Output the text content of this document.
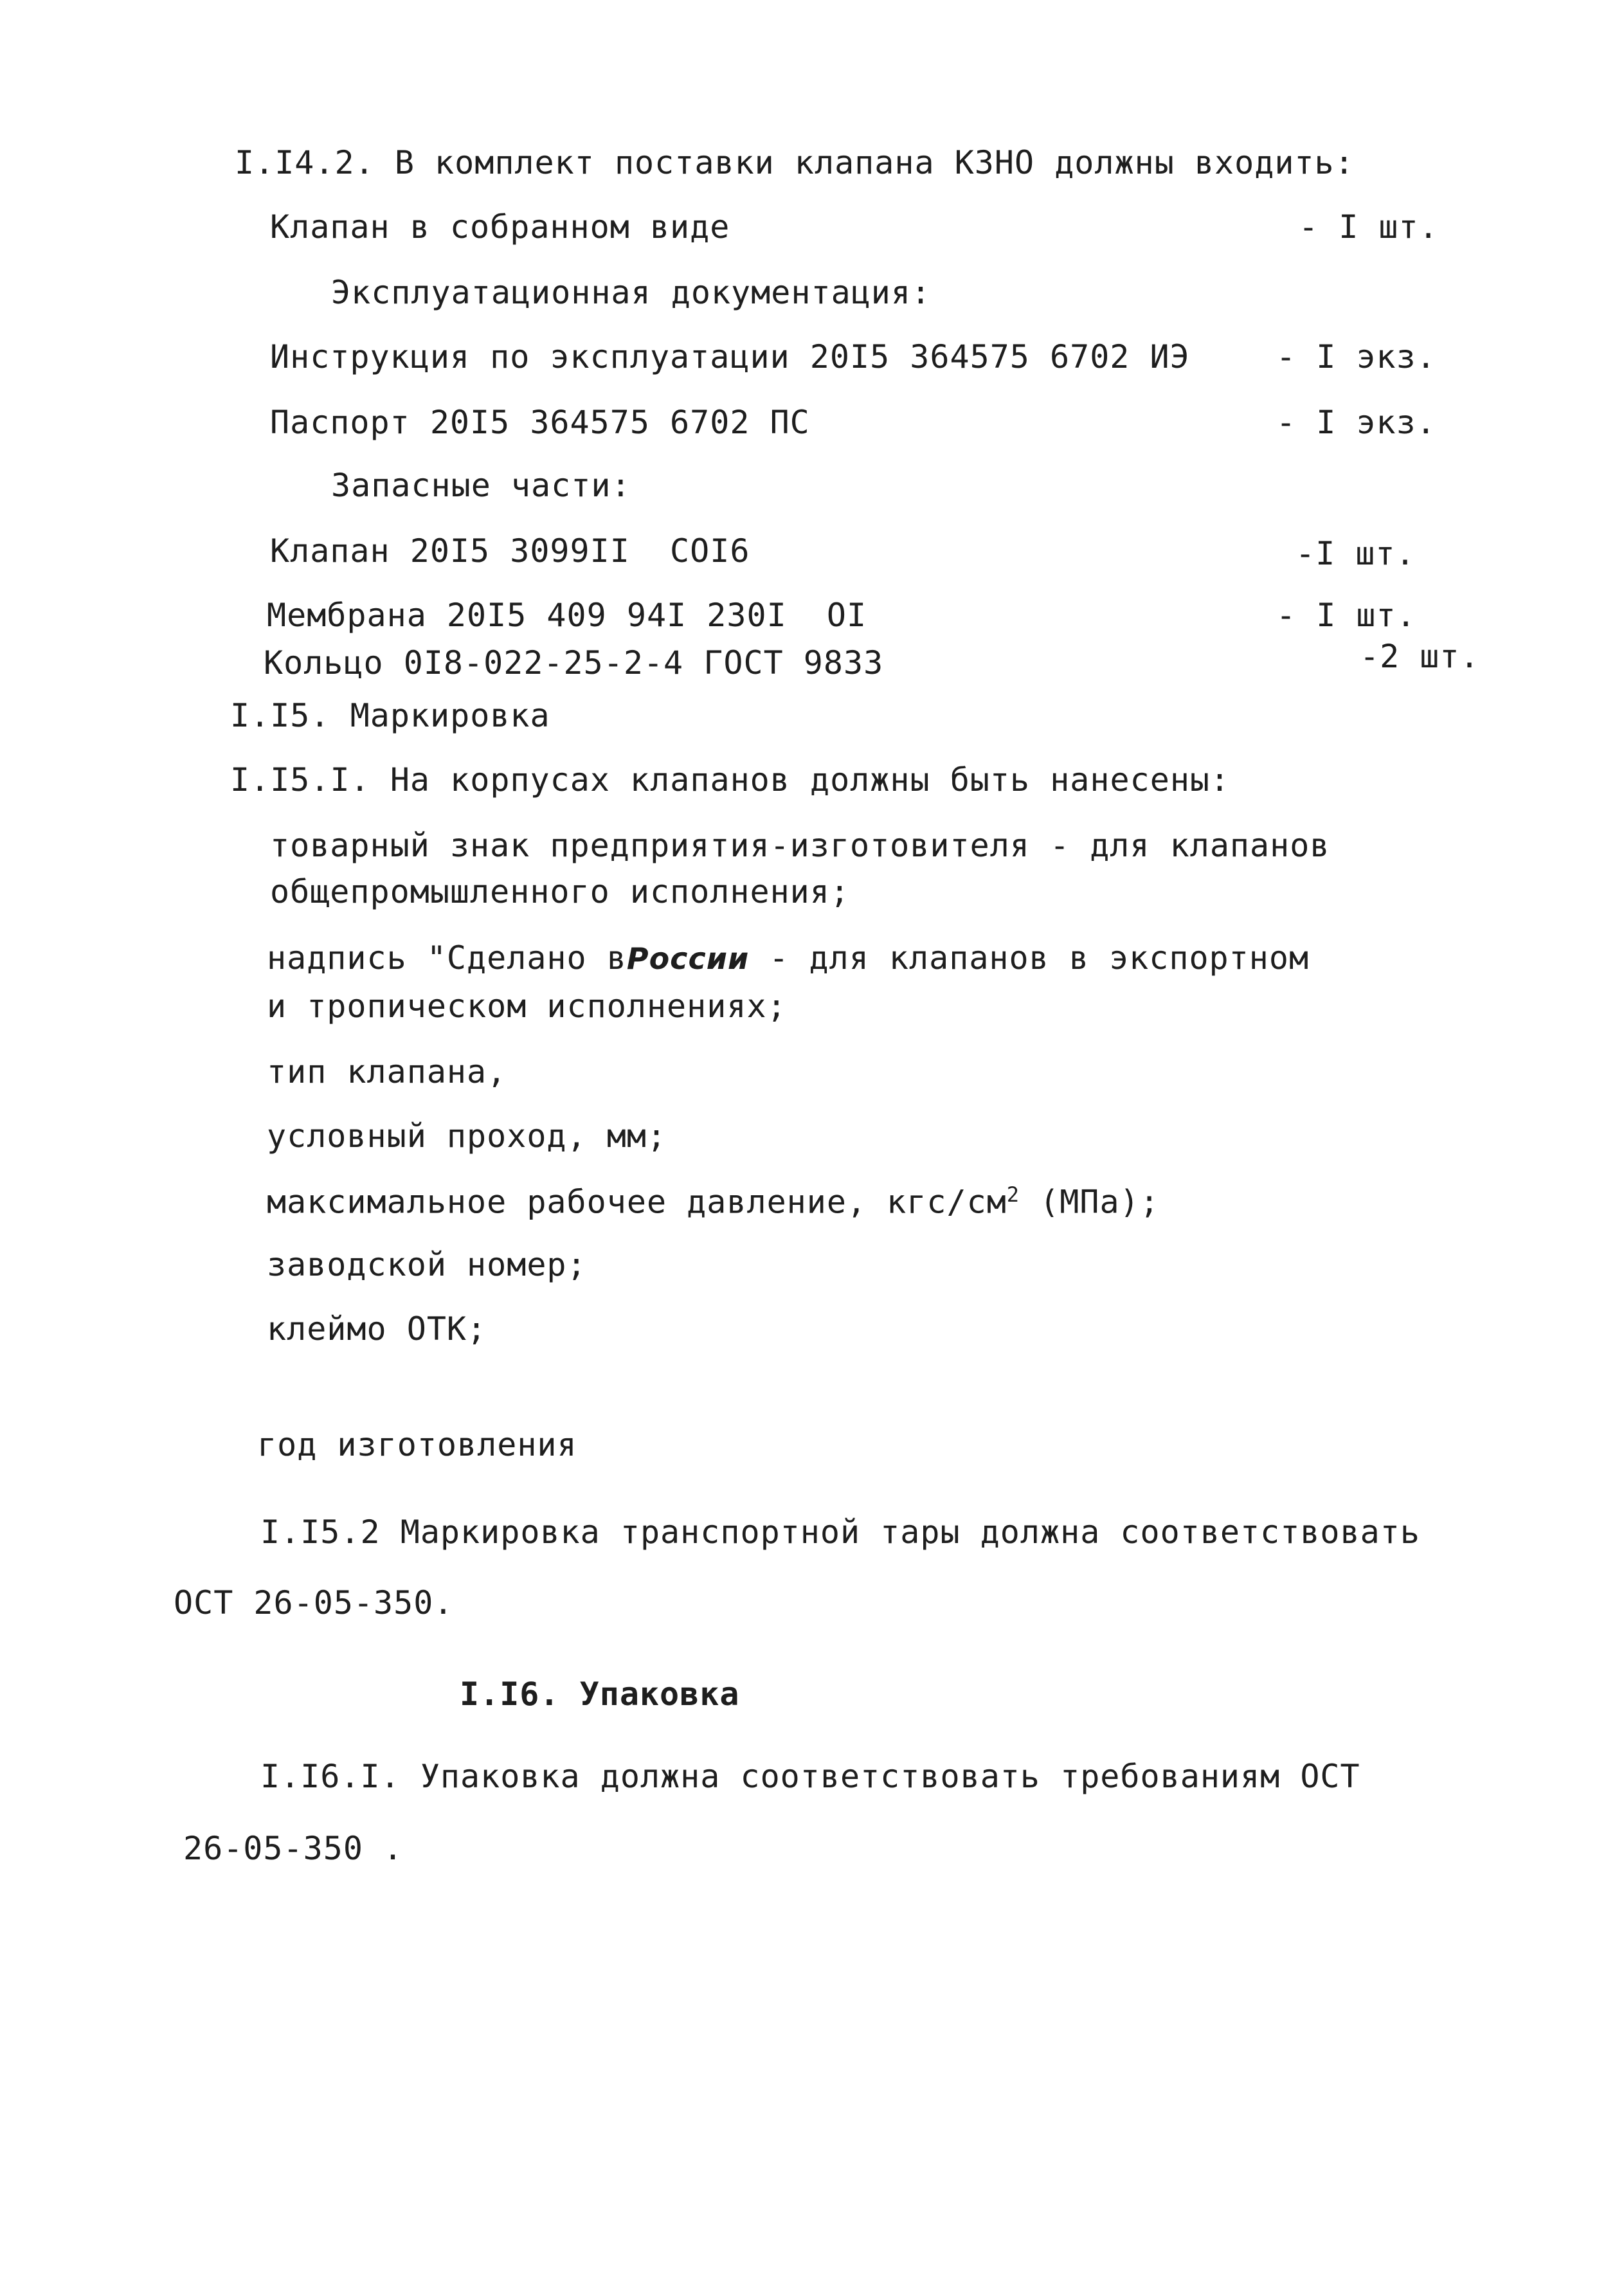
I.I4.2. В комплект поставки клапана КЗНО должны входить:
Клапан в собранном виде	- I шт.
Эксплуатационная документация:
Инструкция по эксплуатации 20I5 364575 6702 ИЭ	- I экз.
Паспорт 20I5 364575 6702 ПС	- I экз.
Запасные части:
Клапан 20I5 3099II  COI6	-I шт.
Мембрана 20I5 409 94I 230I  OI	- I шт.
Кольцо 0I8-022-25-2-4 ГОСТ 9833	-2 шт.
I.I5. Маркировка
I.I5.I. На корпусах клапанов должны быть нанесены:
товарный знак предприятия-изготовителя - для клапанов
общепромышленного исполнения;
надпись "Сделано вРоссии - для клапанов в экспортном
и тропическом исполнениях;
тип клапана,
условный проход, мм;
максимальное рабочее давление, кгс/$см^2$ (МПа);
заводской номер;
клеймо ОТК;
год изготовления
I.I5.2 Маркировка транспортной тары должна соответствовать
ОСТ 26-05-350.
I.I6. Упаковка
I.I6.I. Упаковка должна соответствовать требованиям ОСТ
26-05-350 .
